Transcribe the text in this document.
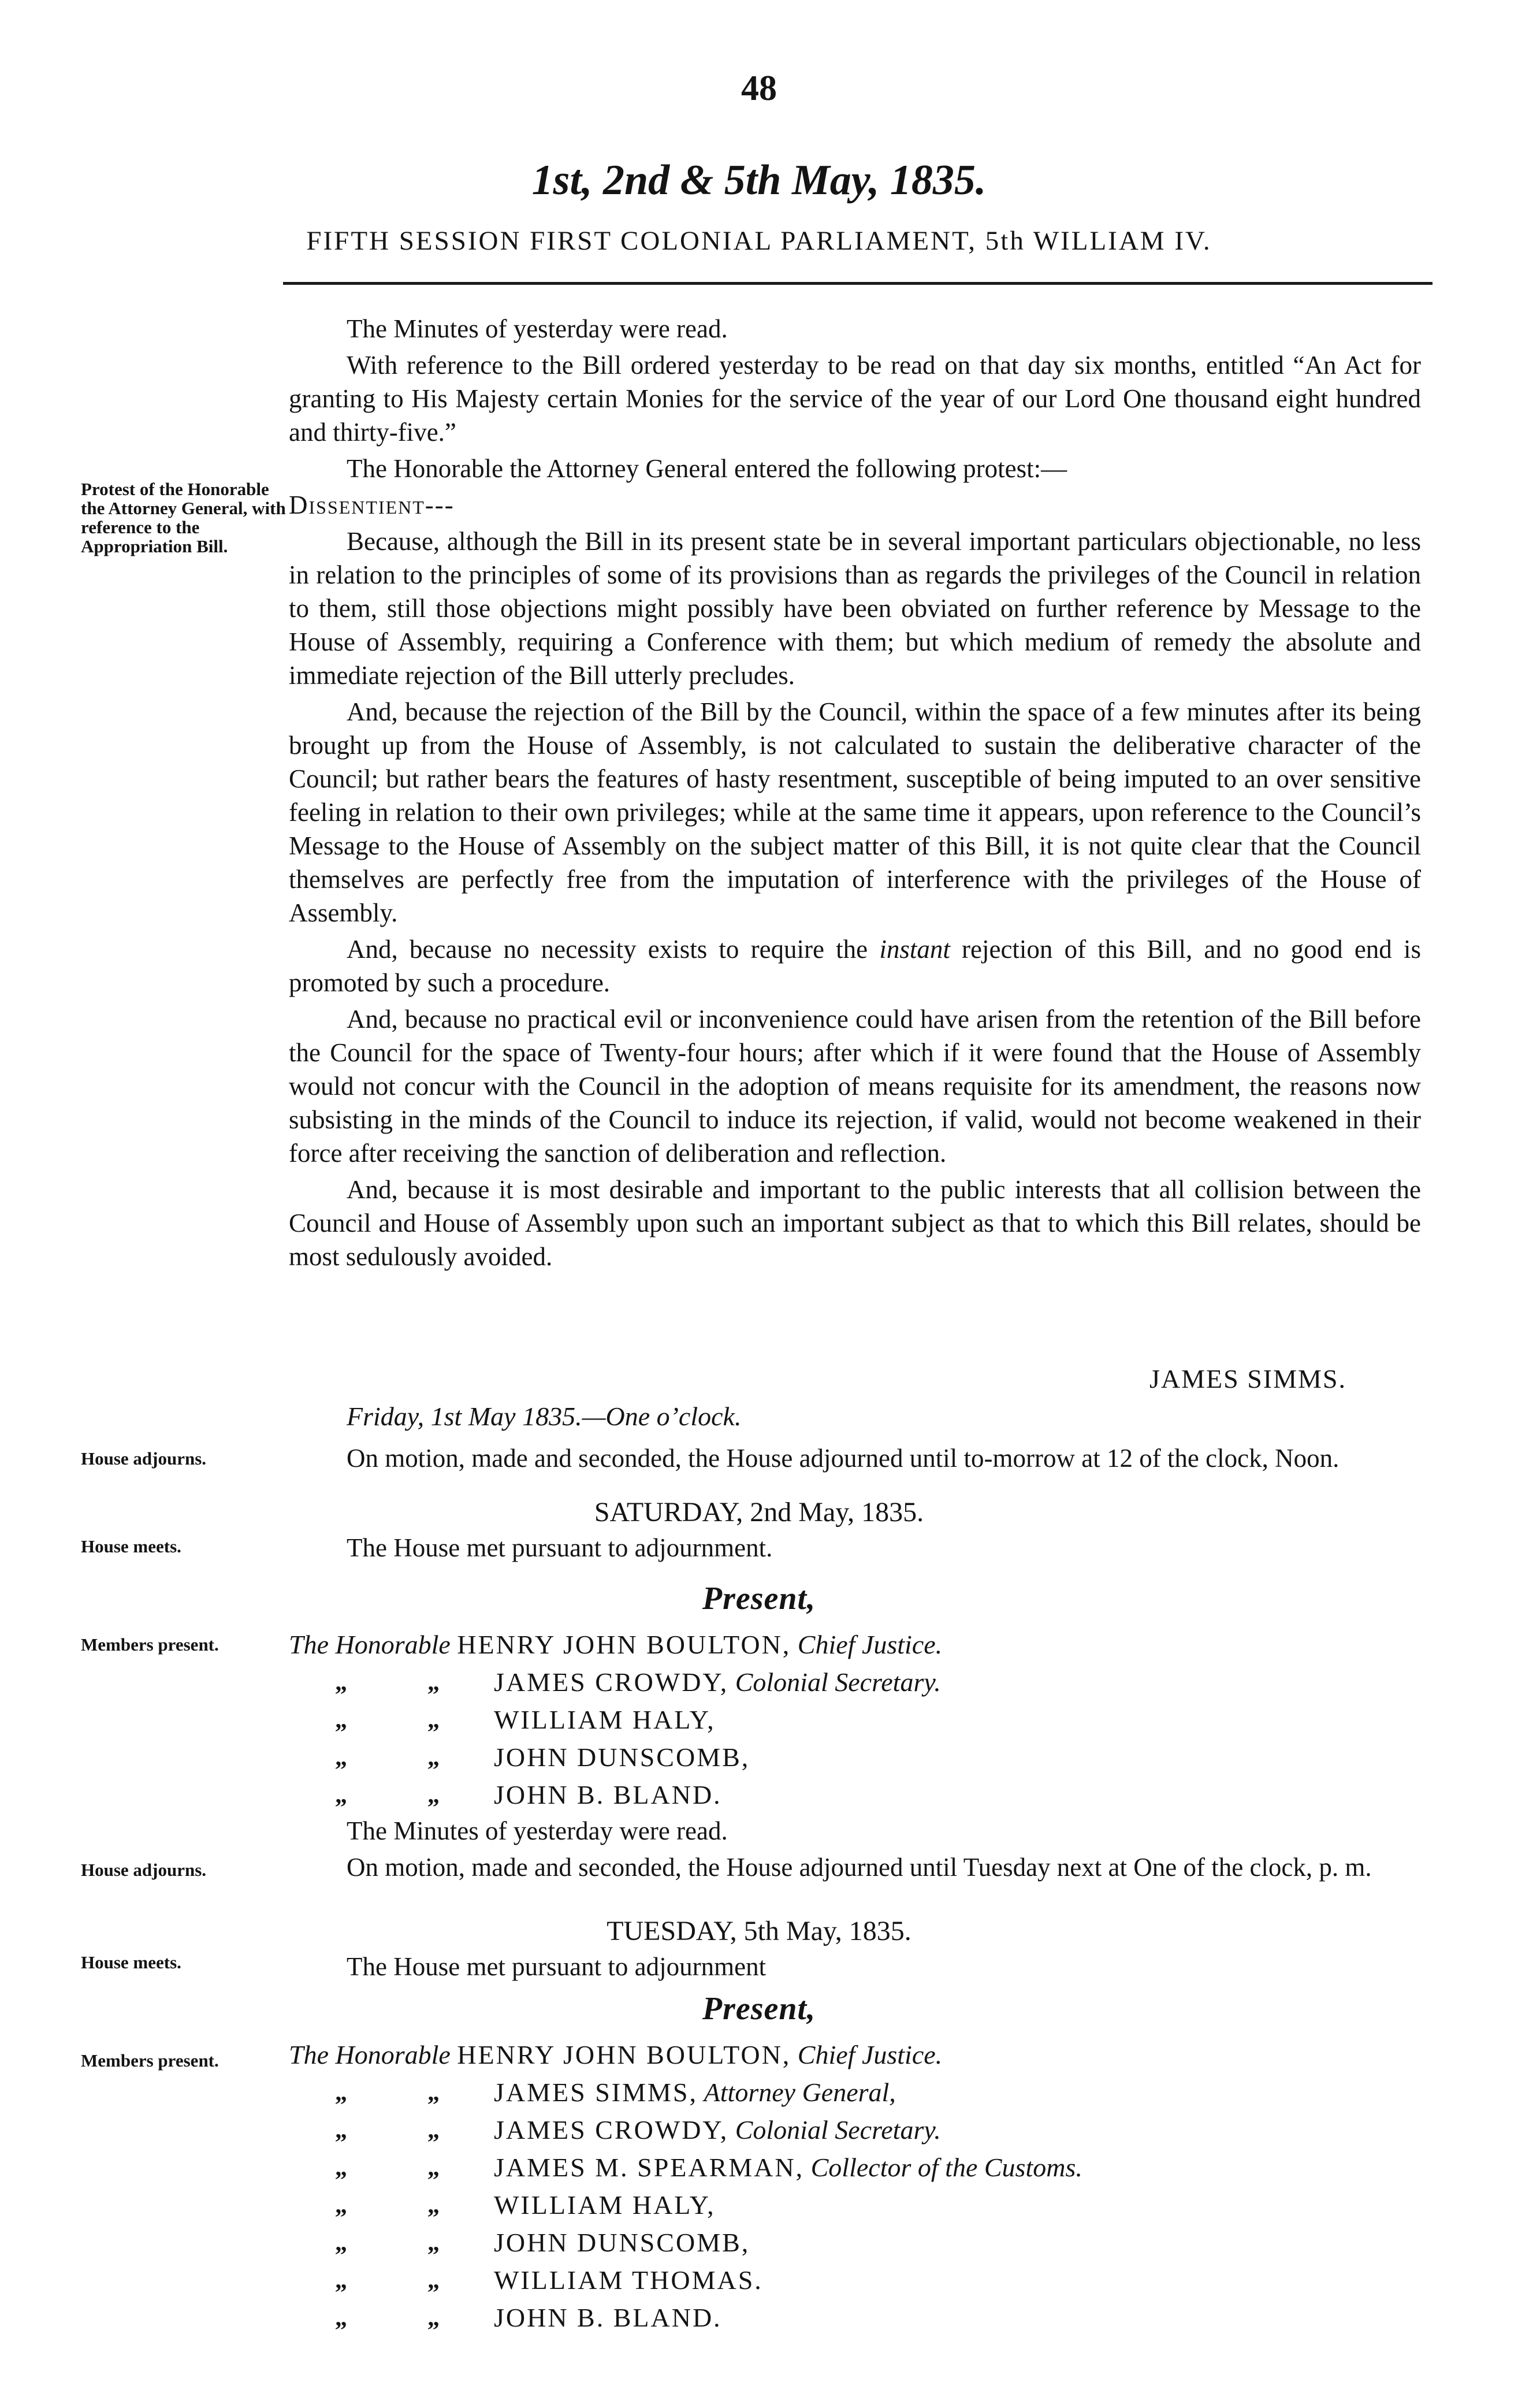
48
1st, 2nd & 5th May, 1835.
FIFTH SESSION FIRST COLONIAL PARLIAMENT, 5th WILLIAM IV.
Protest of the Honorable the Attorney General, with reference to the Appropriation Bill.
House adjourns.
House meets.
Members present.
House adjourns.
House meets.
Members present.

The Minutes of yesterday were read.

With reference to the Bill ordered yesterday to be read on that day six months, entitled “An Act for granting to His Majesty certain Monies for the service of the year of our Lord One thousand eight hundred and thirty-five.”

The Honorable the Attorney General entered the following protest:—

Dissentient---

Because, although the Bill in its present state be in several important particulars objectionable, no less in relation to the principles of some of its provisions than as regards the privileges of the Council in relation to them, still those objections might possibly have been obviated on further reference by Message to the House of Assembly, requiring a Conference with them; but which medium of remedy the absolute and immediate rejection of the Bill utterly precludes.

And, because the rejection of the Bill by the Council, within the space of a few minutes after its being brought up from the House of Assembly, is not calculated to sustain the deliberative character of the Council; but rather bears the features of hasty resentment, susceptible of being imputed to an over sensitive feeling in relation to their own privileges; while at the same time it appears, upon reference to the Council’s Message to the House of Assembly on the subject matter of this Bill, it is not quite clear that the Council themselves are perfectly free from the imputation of interference with the privileges of the House of Assembly.

And, because no necessity exists to require the instant rejection of this Bill, and no good end is promoted by such a procedure.

And, because no practical evil or inconvenience could have arisen from the retention of the Bill before the Council for the space of Twenty-four hours; after which if it were found that the House of Assembly would not concur with the Council in the adoption of means requisite for its amendment, the reasons now subsisting in the minds of the Council to induce its rejection, if valid, would not become weakened in their force after receiving the sanction of deliberation and reflection.

And, because it is most desirable and important to the public interests that all collision between the Council and House of Assembly upon such an important subject as that to which this Bill relates, should be most sedulously avoided.

JAMES SIMMS.
Friday, 1st May 1835.—One o’clock.

On motion, made and seconded, the House adjourned until to-morrow at 12 of the clock, Noon.

SATURDAY, 2nd May, 1835.

The House met pursuant to adjournment.

Present,
The Honorable HENRY JOHN BOULTON, Chief Justice.
„	„	JAMES CROWDY, Colonial Secretary.
„	„	WILLIAM HALY,
„	„	JOHN DUNSCOMB,
„	„	JOHN B. BLAND.

The Minutes of yesterday were read.

On motion, made and seconded, the House adjourned until Tuesday next at One of the clock, p. m.

TUESDAY, 5th May, 1835.

The House met pursuant to adjournment

Present,
The Honorable HENRY JOHN BOULTON, Chief Justice.
„	„	JAMES SIMMS, Attorney General,
„	„	JAMES CROWDY, Colonial Secretary.
„	„	JAMES M. SPEARMAN, Collector of the Customs.
„	„	WILLIAM HALY,
„	„	JOHN DUNSCOMB,
„	„	WILLIAM THOMAS.
„	„	JOHN B. BLAND.
